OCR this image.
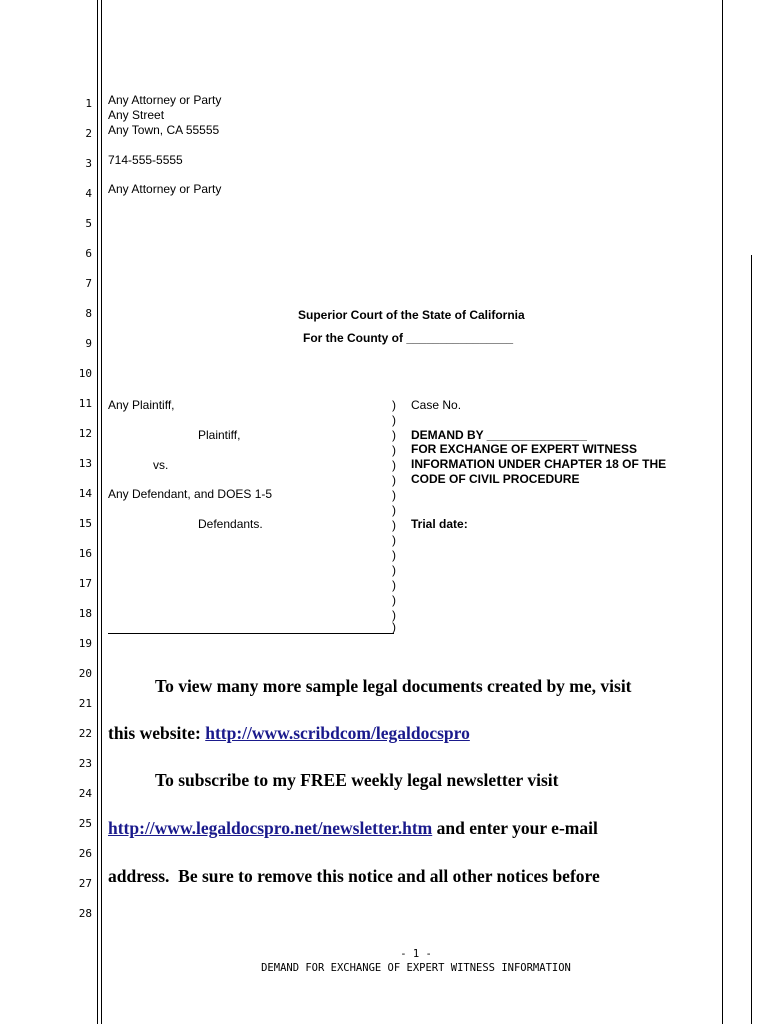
1
2
3
4
5
6
7
8
9
10
11
12
13
14
15
16
17
18
19
20
21
22
23
24
25
26
27
28
Any Attorney or Party
Any Street
Any Town, CA 55555
714-555-5555
Any Attorney or Party
Superior Court of the State of California
For the County of ________________
Any Plaintiff,
Plaintiff,
vs.
Any Defendant, and DOES 1-5
Defendants.
)
)
)
)
)
)
)
)
)
)
)
)
)
)
)
)
Case No.
DEMAND BY _______________
FOR EXCHANGE OF EXPERT WITNESS
INFORMATION UNDER CHAPTER 18 OF THE
CODE OF CIVIL PROCEDURE
Trial date:
To view many more sample legal documents created by me, visit
this website: http://www.scribdcom/legaldocspro
To subscribe to my FREE weekly legal newsletter visit
http://www.legaldocspro.net/newsletter.htm and enter your e-mail
address.  Be sure to remove this notice and all other notices before
- 1 -
DEMAND FOR EXCHANGE OF EXPERT WITNESS INFORMATION
